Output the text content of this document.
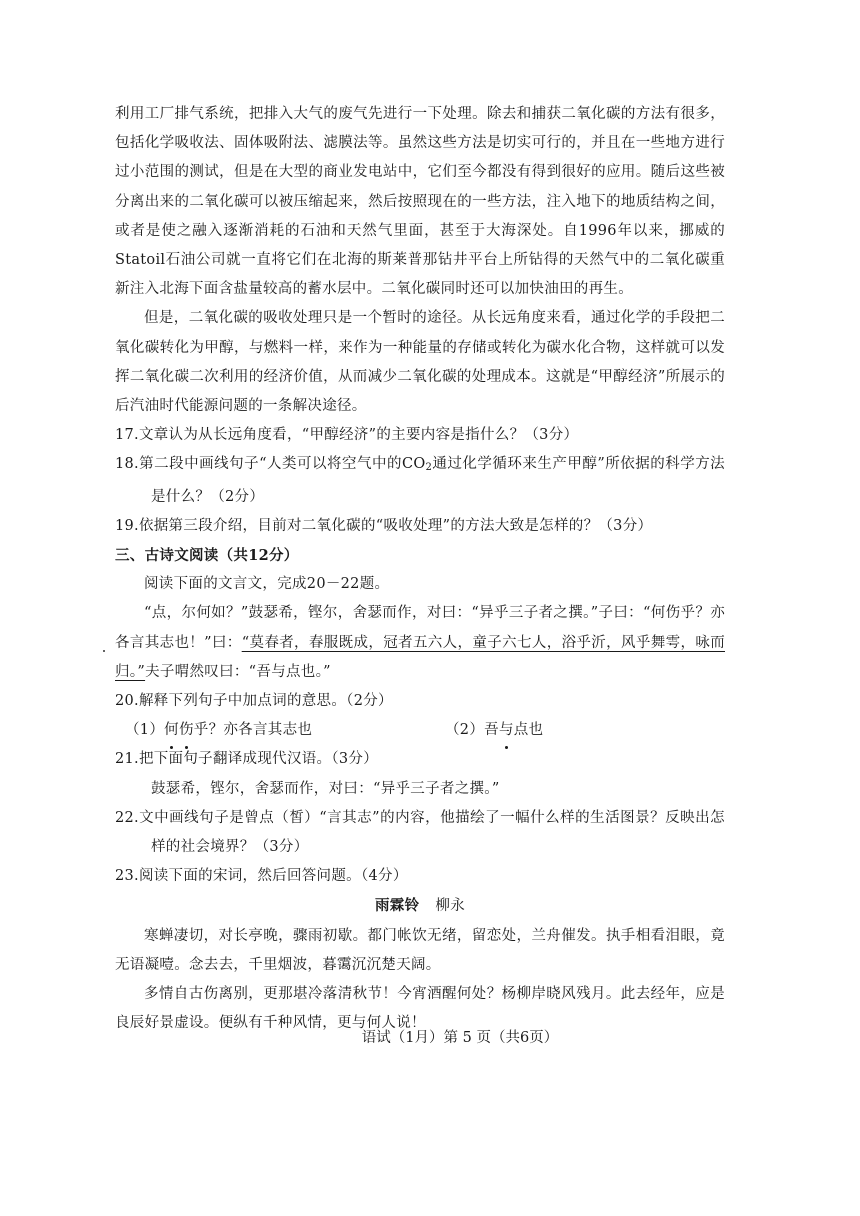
利用工厂排气系统，把排入大气的废气先进行一下处理。除去和捕获二氧化碳的方法有很多，包括化学吸收法、固体吸附法、滤膜法等。虽然这些方法是切实可行的，并且在一些地方进行过小范围的测试，但是在大型的商业发电站中，它们至今都没有得到很好的应用。随后这些被分离出来的二氧化碳可以被压缩起来，然后按照现在的一些方法，注入地下的地质结构之间，或者是使之融入逐渐消耗的石油和天然气里面，甚至于大海深处。自1996年以来，挪威的Statoil石油公司就一直将它们在北海的斯莱普那钻井平台上所钻得的天然气中的二氧化碳重新注入北海下面含盐量较高的蓄水层中。二氧化碳同时还可以加快油田的再生。

但是，二氧化碳的吸收处理只是一个暂时的途径。从长远角度来看，通过化学的手段把二氧化碳转化为甲醇，与燃料一样，来作为一种能量的存储或转化为碳水化合物，这样就可以发挥二氧化碳二次利用的经济价值，从而减少二氧化碳的处理成本。这就是“甲醇经济”所展示的后汽油时代能源问题的一条解决途径。

17.文章认为从长远角度看，“甲醇经济”的主要内容是指什么？（3分）

18.第二段中画线句子“人类可以将空气中的$CO_2$通过化学循环来生产甲醇”所依据的科学方法是什么？（2分）

19.依据第三段介绍，目前对二氧化碳的“吸收处理”的方法大致是怎样的？（3分）

三、古诗文阅读（共12分）

阅读下面的文言文，完成20－22题。

“点，尔何如？”鼓瑟希，铿尔，舍瑟而作，对曰：“异乎三子者之撰。”子曰：“何伤乎？亦各言其志也！”曰：“莫春者，春服既成，冠者五六人，童子六七人，浴乎沂，风乎舞雩，咏而归。”夫子喟然叹曰：“吾与点也。”

20.解释下列句子中加点词的意思。（2分）

（1）何伤乎？亦各言其志也	（2）吾与点也

21.把下面句子翻译成现代汉语。（3分）

鼓瑟希，铿尔，舍瑟而作，对曰：“异乎三子者之撰。”

22.文中画线句子是曾点（皙）“言其志”的内容，他描绘了一幅什么样的生活图景？反映出怎样的社会境界？（3分）

23.阅读下面的宋词，然后回答问题。（4分）

雨霖铃 柳永

寒蝉凄切，对长亭晚，骤雨初歇。都门帐饮无绪，留恋处，兰舟催发。执手相看泪眼，竟无语凝噎。念去去，千里烟波，暮霭沉沉楚天阔。

多情自古伤离别，更那堪冷落清秋节！今宵酒醒何处？杨柳岸晓风残月。此去经年，应是良辰好景虚设。便纵有千种风情，更与何人说！

语试（1月）第 5 页（共6页）
